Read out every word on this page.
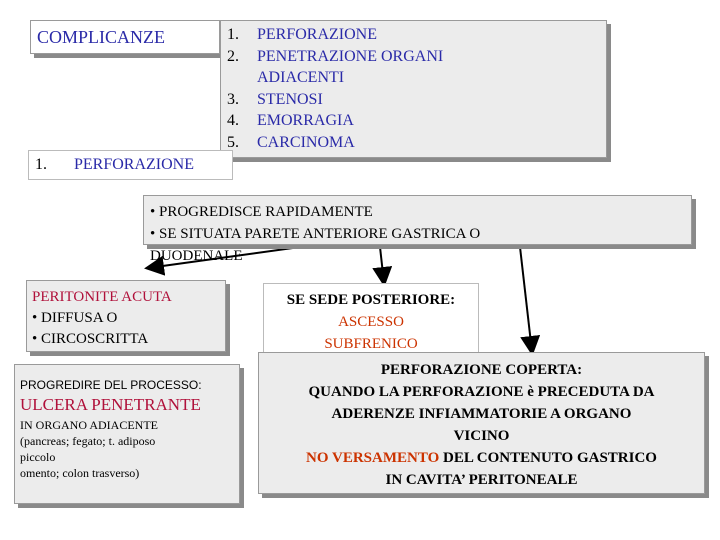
COMPLICANZE	1. PERFORAZIONE
2. PENETRAZIONE ORGANI
ADIACENTI
3. STENOSI
4. EMORRAGIA
5. CARCINOMA
1. PERFORAZIONE
• PROGREDISCE RAPIDAMENTE
• SE SITUATA PARETE ANTERIORE GASTRICA O
DUODENALE
PERITONITE ACUTA
• DIFFUSA O
• CIRCOSCRITTA
PROGREDIRE DEL PROCESSO:
ULCERA PENETRANTE
IN ORGANO ADIACENTE
(pancreas; fegato; t. adiposo
piccolo
omento; colon trasverso)
SE SEDE POSTERIORE:
ASCESSO
SUBFRENICO
PERFORAZIONE COPERTA:
QUANDO LA PERFORAZIONE è PRECEDUTA DA
ADERENZE INFIAMMATORIE A ORGANO
VICINO
NO VERSAMENTO DEL CONTENUTO GASTRICO
IN CAVITA’ PERITONEALE
